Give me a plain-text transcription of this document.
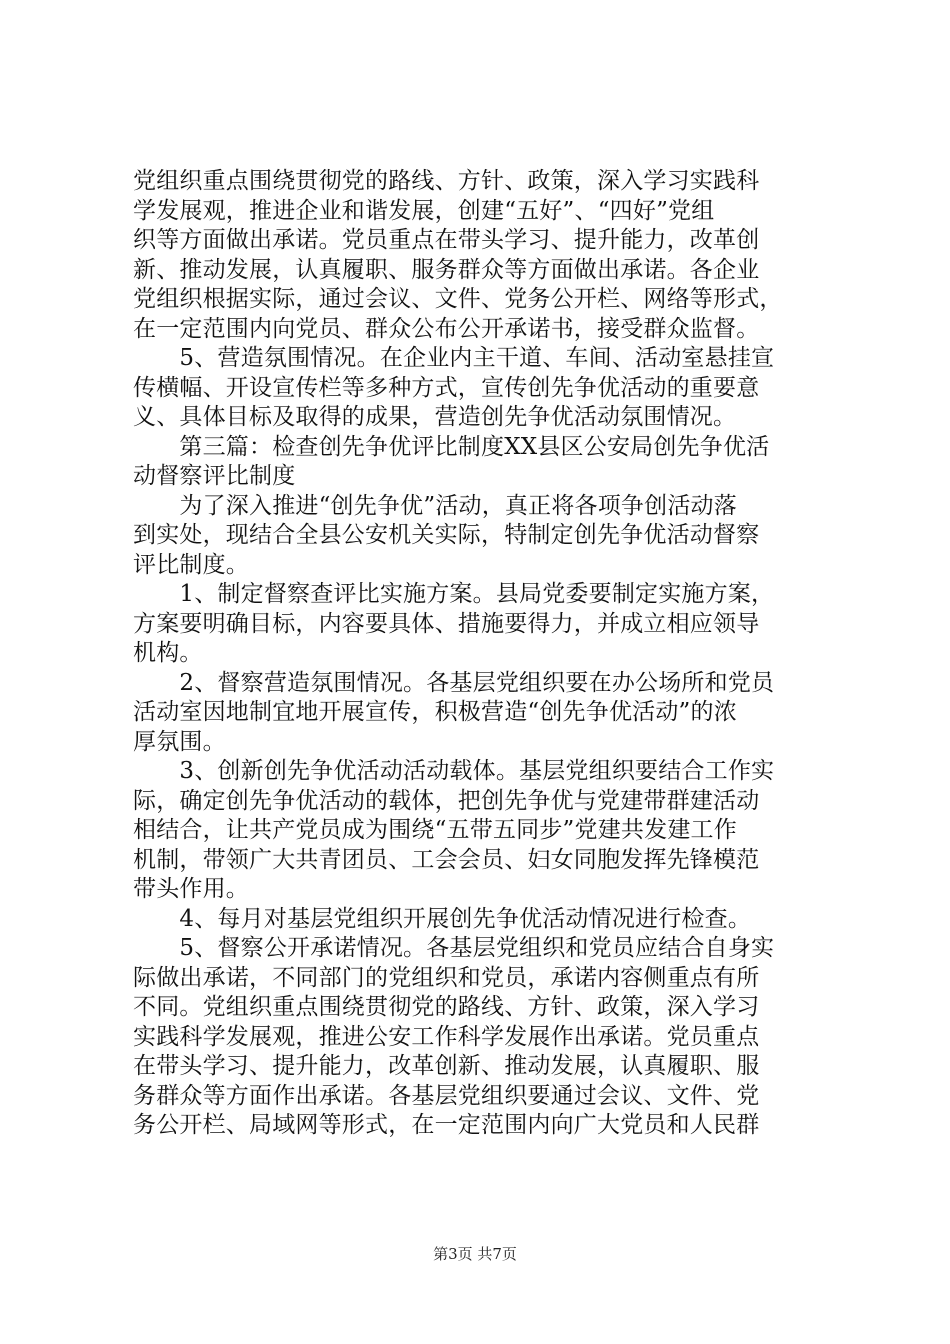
党组织重点围绕贯彻党的路线、方针、政策，深入学习实践科
学发展观，推进企业和谐发展，创建“五好”、“四好”党组
织等方面做出承诺。党员重点在带头学习、提升能力，改革创
新、推动发展，认真履职、服务群众等方面做出承诺。各企业
党组织根据实际，通过会议、文件、党务公开栏、网络等形式，
在一定范围内向党员、群众公布公开承诺书，接受群众监督。
　　5、营造氛围情况。在企业内主干道、车间、活动室悬挂宣
传横幅、开设宣传栏等多种方式，宣传创先争优活动的重要意
义、具体目标及取得的成果，营造创先争优活动氛围情况。
　　第三篇：检查创先争优评比制度XX县区公安局创先争优活
动督察评比制度
　　为了深入推进“创先争优”活动，真正将各项争创活动落
到实处，现结合全县公安机关实际，特制定创先争优活动督察
评比制度。
　　1、制定督察查评比实施方案。县局党委要制定实施方案，
方案要明确目标，内容要具体、措施要得力，并成立相应领导
机构。
　　2、督察营造氛围情况。各基层党组织要在办公场所和党员
活动室因地制宜地开展宣传，积极营造“创先争优活动”的浓
厚氛围。
　　3、创新创先争优活动活动载体。基层党组织要结合工作实
际，确定创先争优活动的载体，把创先争优与党建带群建活动
相结合，让共产党员成为围绕“五带五同步”党建共发建工作
机制，带领广大共青团员、工会会员、妇女同胞发挥先锋模范
带头作用。
　　4、每月对基层党组织开展创先争优活动情况进行检查。
　　5、督察公开承诺情况。各基层党组织和党员应结合自身实
际做出承诺，不同部门的党组织和党员，承诺内容侧重点有所
不同。党组织重点围绕贯彻党的路线、方针、政策，深入学习
实践科学发展观，推进公安工作科学发展作出承诺。党员重点
在带头学习、提升能力，改革创新、推动发展，认真履职、服
务群众等方面作出承诺。各基层党组织要通过会议、文件、党
务公开栏、局域网等形式，在一定范围内向广大党员和人民群
第3页 共7页
